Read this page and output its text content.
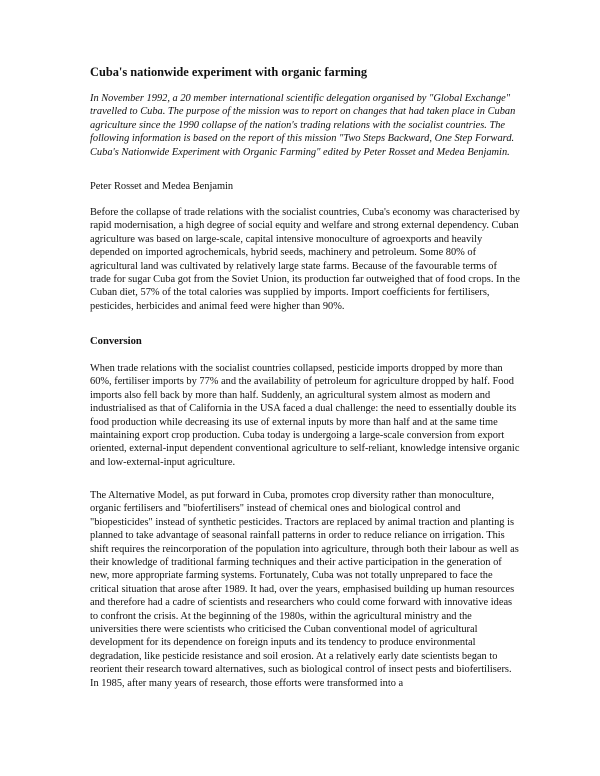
Cuba's nationwide experiment with organic farming

In November 1992, a 20 member international scientific delegation organised by "Global Exchange" travelled to Cuba. The purpose of the mission was to report on changes that had taken place in Cuban agriculture since the 1990 collapse of the nation's trading relations with the socialist countries. The following information is based on the report of this mission "Two Steps Backward, One Step Forward. Cuba's Nationwide Experiment with Organic Farming" edited by Peter Rosset and Medea Benjamin.

Peter Rosset and Medea Benjamin

Before the collapse of trade relations with the socialist countries, Cuba's economy was characterised by rapid modernisation, a high degree of social equity and welfare and strong external dependency. Cuban agriculture was based on large-scale, capital intensive monoculture of agroexports and heavily depended on imported agrochemicals, hybrid seeds, machinery and petroleum. Some 80% of agricultural land was cultivated by relatively large state farms. Because of the favourable terms of trade for sugar Cuba got from the Soviet Union, its production far outweighed that of food crops. In the Cuban diet, 57% of the total calories was supplied by imports. Import coefficients for fertilisers, pesticides, herbicides and animal feed were higher than 90%.

Conversion

When trade relations with the socialist countries collapsed, pesticide imports dropped by more than 60%, fertiliser imports by 77% and the availability of petroleum for agriculture dropped by half. Food imports also fell back by more than half. Suddenly, an agricultural system almost as modern and industrialised as that of California in the USA faced a dual challenge: the need to essentially double its food production while decreasing its use of external inputs by more than half and at the same time maintaining export crop production. Cuba today is undergoing a large-scale conversion from export oriented, external-input dependent conventional agriculture to self-reliant, knowledge intensive organic and low-external-input agriculture.

The Alternative Model, as put forward in Cuba, promotes crop diversity rather than monoculture, organic fertilisers and "biofertilisers" instead of chemical ones and biological control and "biopesticides" instead of synthetic pesticides. Tractors are replaced by animal traction and planting is planned to take advantage of seasonal rainfall patterns in order to reduce reliance on irrigation. This shift requires the reincorporation of the population into agriculture, through both their labour as well as their knowledge of traditional farming techniques and their active participation in the generation of new, more appropriate farming systems. Fortunately, Cuba was not totally unprepared to face the critical situation that arose after 1989. It had, over the years, emphasised building up human resources and therefore had a cadre of scientists and researchers who could come forward with innovative ideas to confront the crisis. At the beginning of the 1980s, within the agricultural ministry and the universities there were scientists who criticised the Cuban conventional model of agricultural development for its dependence on foreign inputs and its tendency to produce environmental degradation, like pesticide resistance and soil erosion. At a relatively early date scientists began to reorient their research toward alternatives, such as biological control of insect pests and biofertilisers. In 1985, after many years of research, those efforts were transformed into a
